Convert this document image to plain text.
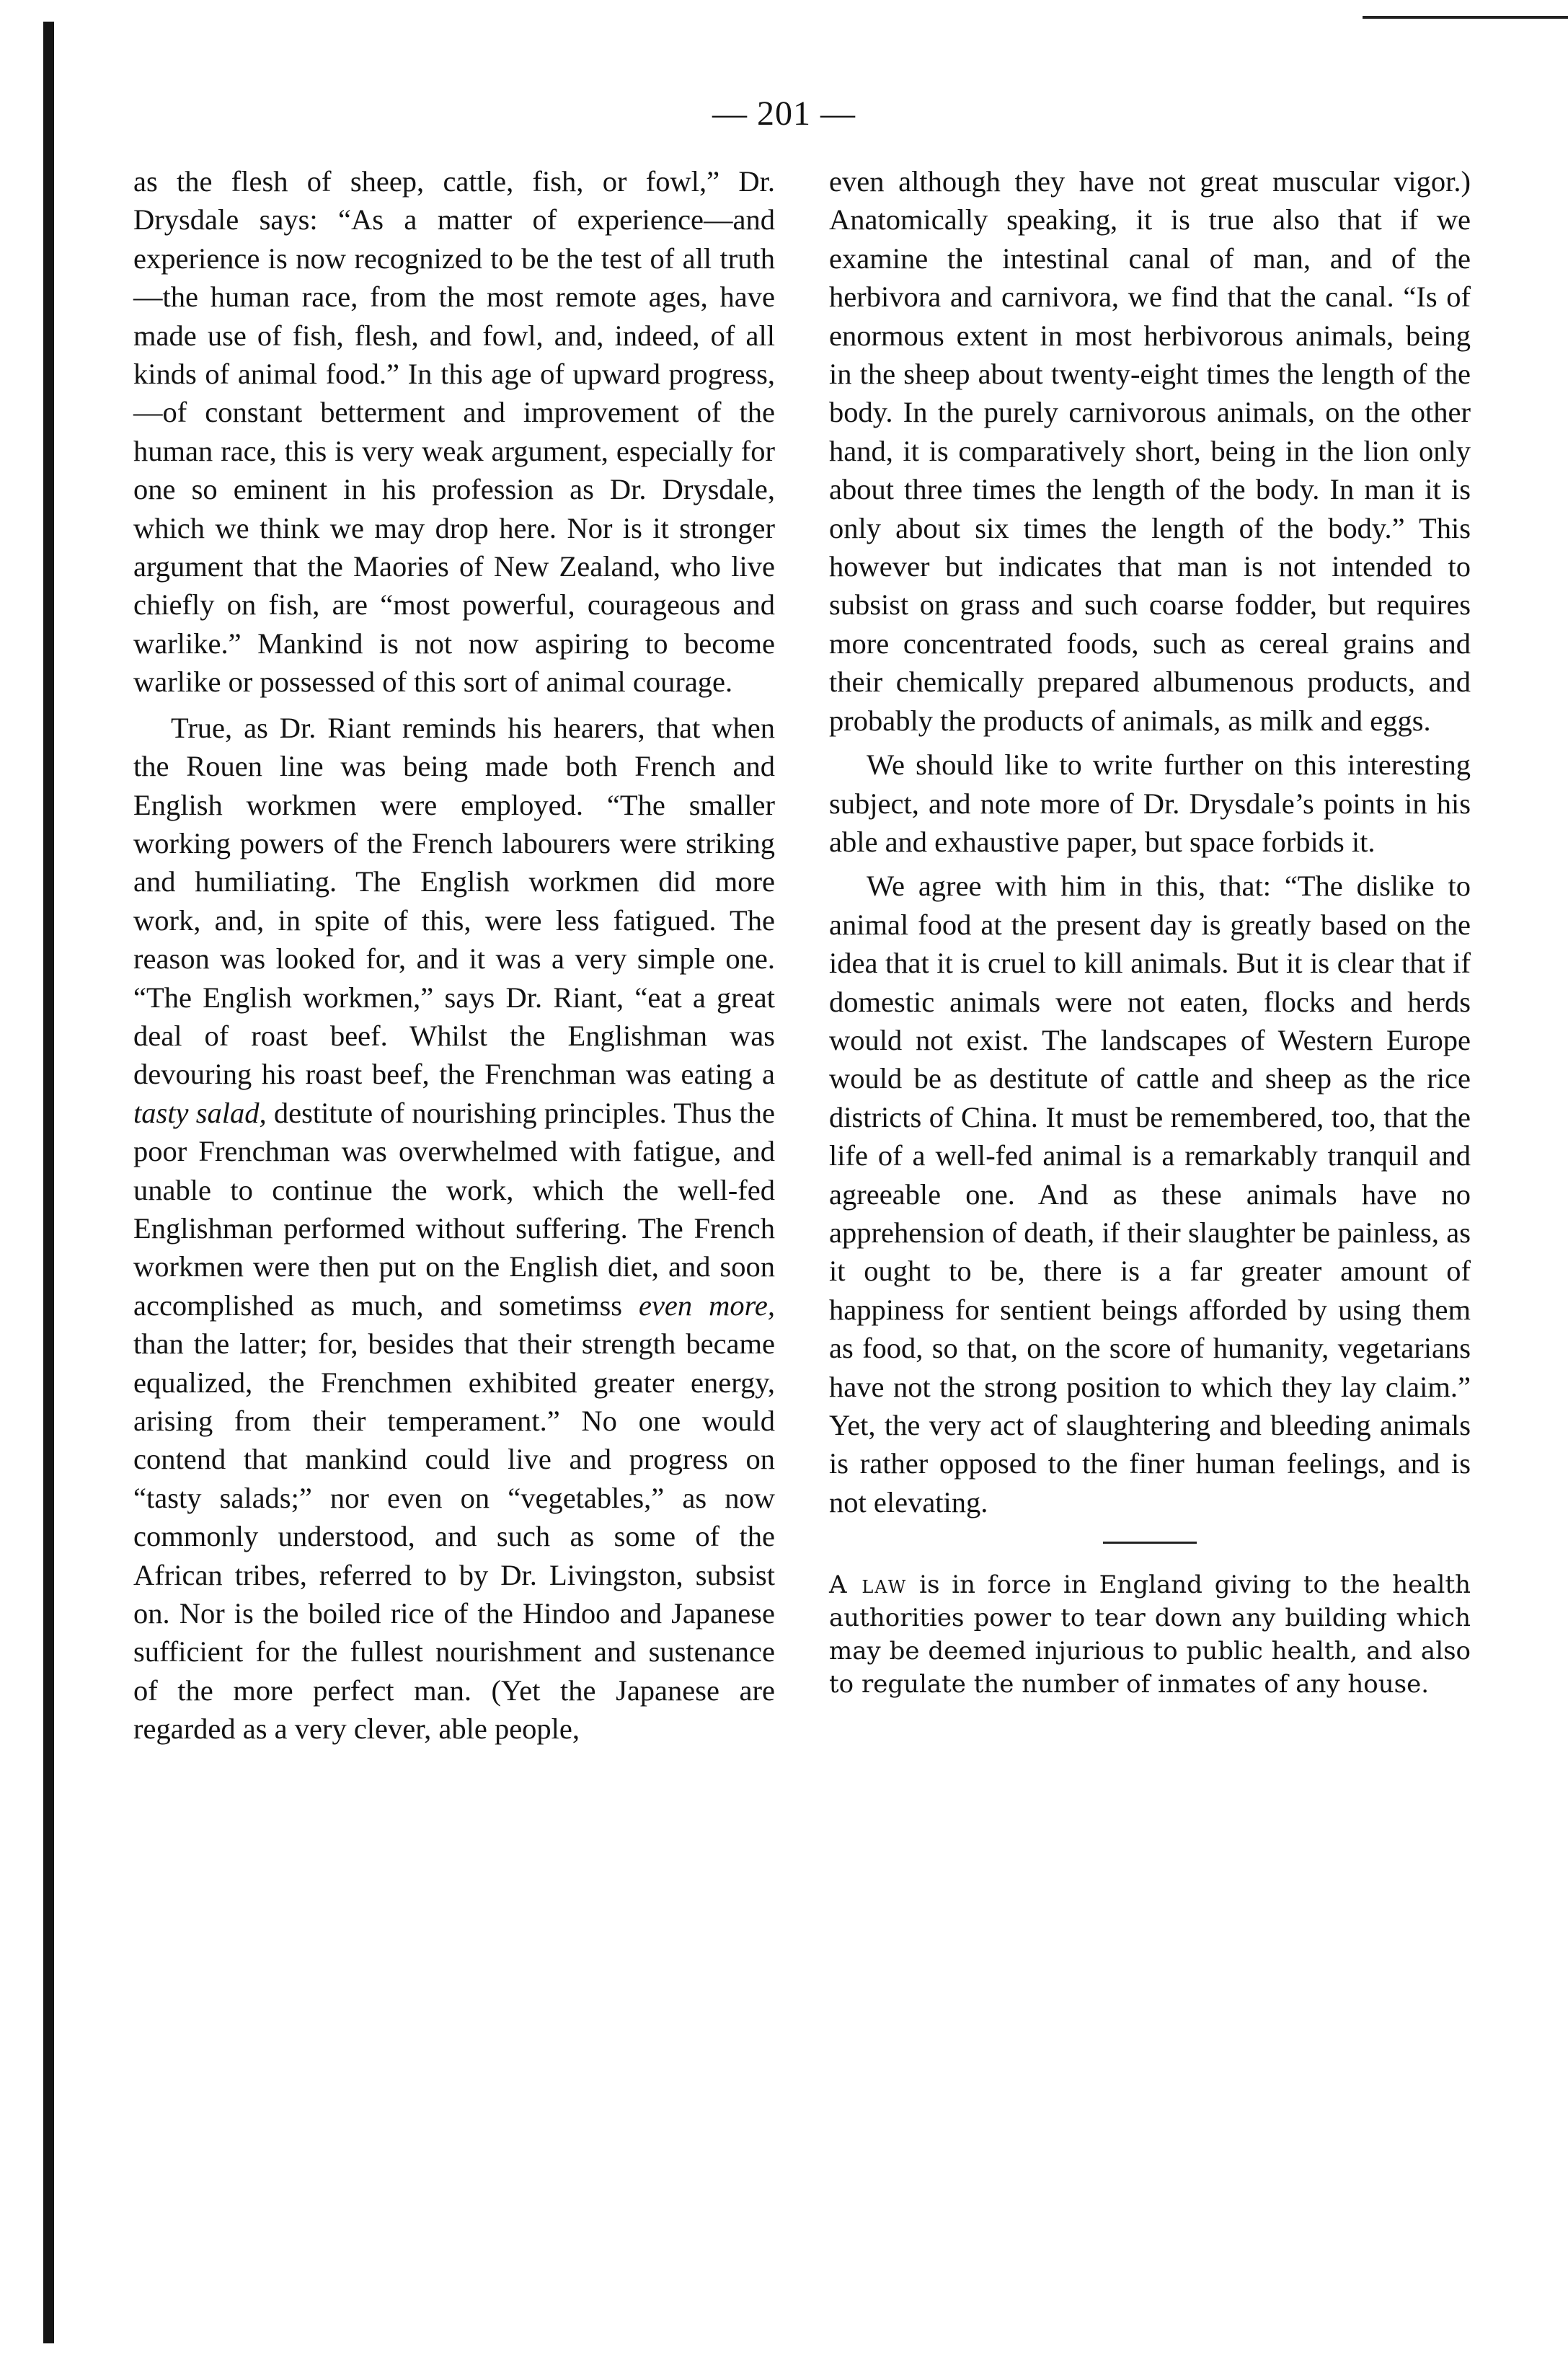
— 201 —

as the flesh of sheep, cattle, fish, or fowl,” Dr. Drysdale says: “As a matter of experience—and experience is now recognized to be the test of all truth—the human race, from the most remote ages, have made use of fish, flesh, and fowl, and, indeed, of all kinds of animal food.” In this age of upward progress,—of constant betterment and improvement of the human race, this is very weak argument, especially for one so eminent in his profession as Dr. Drysdale, which we think we may drop here. Nor is it stronger argument that the Maories of New Zealand, who live chiefly on fish, are “most powerful, courageous and warlike.” Mankind is not now aspiring to become warlike or possessed of this sort of animal courage.

True, as Dr. Riant reminds his hearers, that when the Rouen line was being made both French and English workmen were employed. “The smaller working powers of the French labourers were striking and humiliating. The English workmen did more work, and, in spite of this, were less fatigued. The reason was looked for, and it was a very simple one. “The English workmen,” says Dr. Riant, “eat a great deal of roast beef. Whilst the Englishman was devouring his roast beef, the Frenchman was eating a tasty salad, destitute of nourishing principles. Thus the poor Frenchman was overwhelmed with fatigue, and unable to continue the work, which the well-fed Englishman performed without suffering. The French workmen were then put on the English diet, and soon accomplished as much, and sometimss even more, than the latter; for, besides that their strength became equalized, the Frenchmen exhibited greater energy, arising from their temperament.” No one would contend that mankind could live and progress on “tasty salads;” nor even on “vegetables,” as now commonly understood, and such as some of the African tribes, referred to by Dr. Livingston, subsist on. Nor is the boiled rice of the Hindoo and Japanese sufficient for the fullest nourishment and sustenance of the more perfect man. (Yet the Japanese are regarded as a very clever, able people,

even although they have not great muscular vigor.) Anatomically speaking, it is true also that if we examine the intestinal canal of man, and of the herbivora and carnivora, we find that the canal. “Is of enormous extent in most herbivorous animals, being in the sheep about twenty-eight times the length of the body. In the purely carnivorous animals, on the other hand, it is comparatively short, being in the lion only about three times the length of the body. In man it is only about six times the length of the body.” This however but indicates that man is not intended to subsist on grass and such coarse fodder, but requires more concentrated foods, such as cereal grains and their chemically prepared albumenous products, and probably the products of animals, as milk and eggs.

We should like to write further on this interesting subject, and note more of Dr. Drysdale’s points in his able and exhaustive paper, but space forbids it.

We agree with him in this, that: “The dislike to animal food at the present day is greatly based on the idea that it is cruel to kill animals. But it is clear that if domestic animals were not eaten, flocks and herds would not exist. The landscapes of Western Europe would be as destitute of cattle and sheep as the rice districts of China. It must be remembered, too, that the life of a well-fed animal is a remarkably tranquil and agreeable one. And as these animals have no apprehension of death, if their slaughter be painless, as it ought to be, there is a far greater amount of happiness for sentient beings afforded by using them as food, so that, on the score of humanity, vegetarians have not the strong position to which they lay claim.” Yet, the very act of slaughtering and bleeding animals is rather opposed to the finer human feelings, and is not elevating.

A law is in force in England giving to the health authorities power to tear down any building which may be deemed injurious to public health, and also to regulate the number of inmates of any house.
